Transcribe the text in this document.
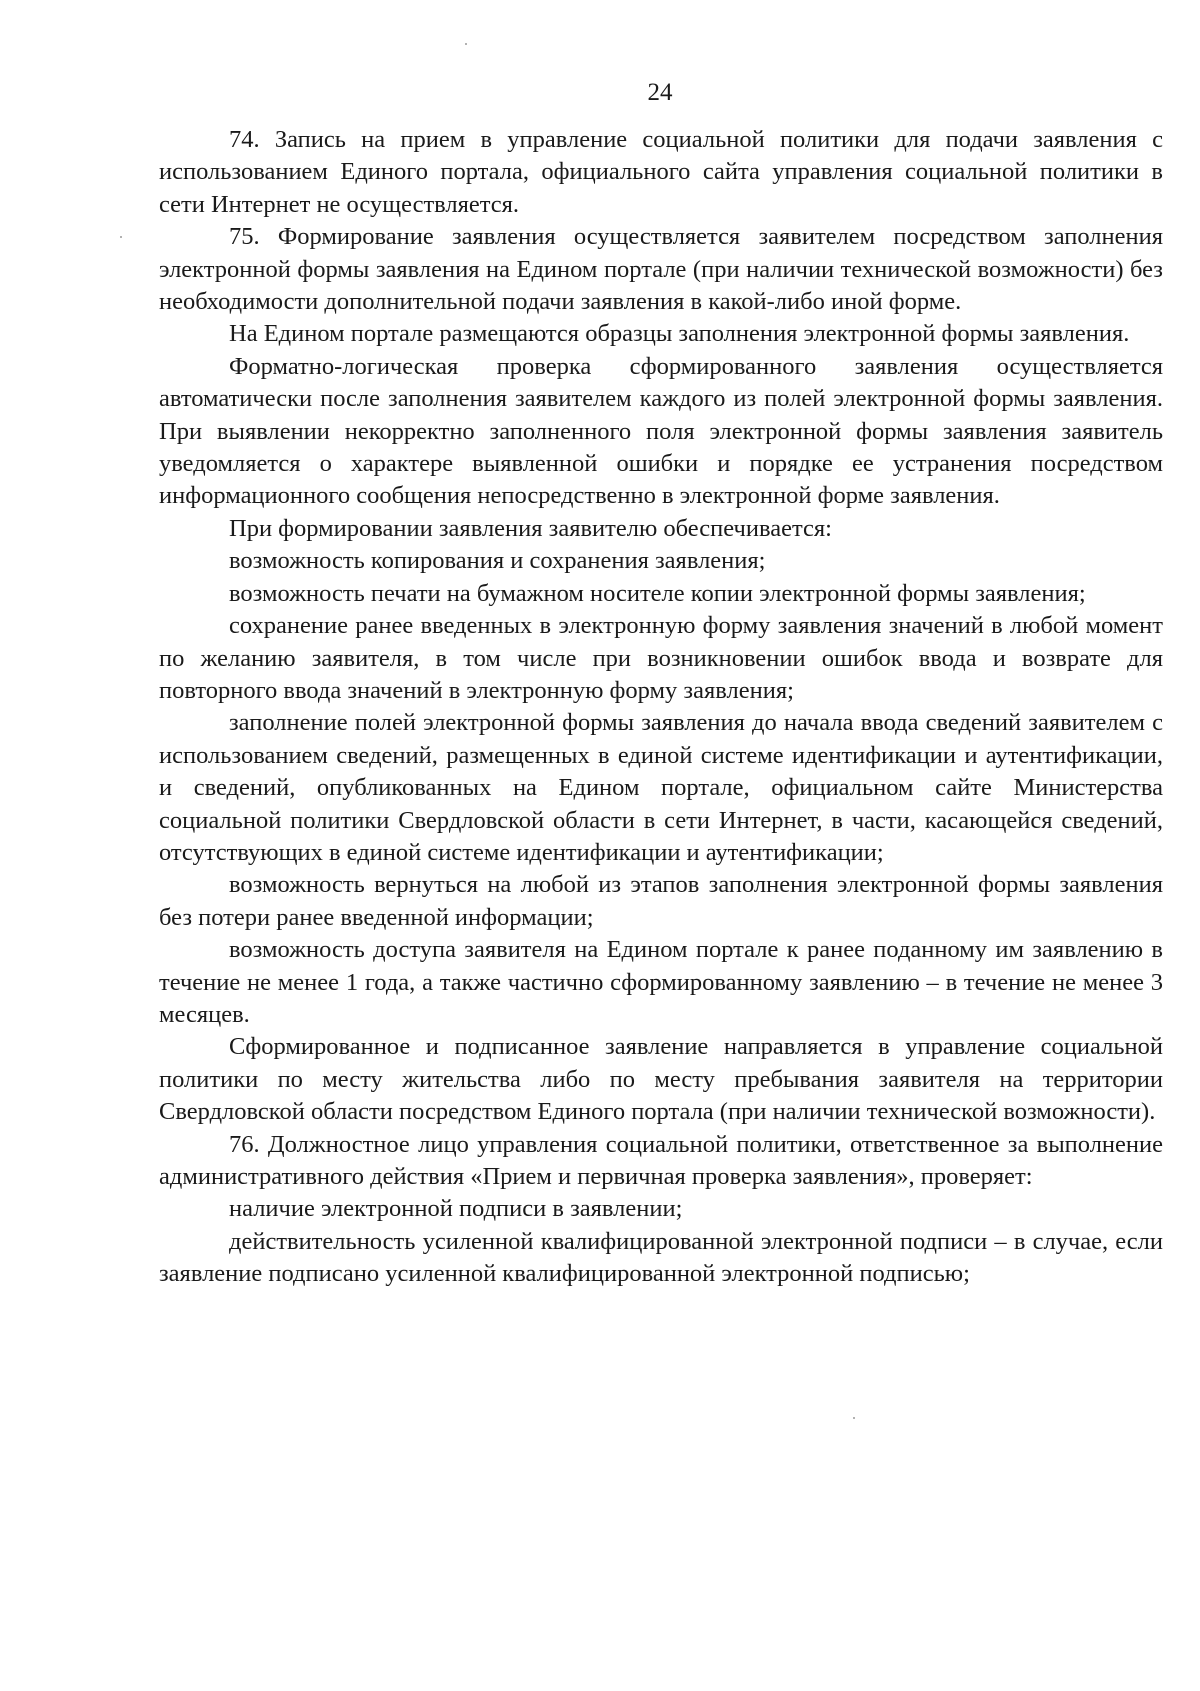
24

74. Запись на прием в управление социальной политики для подачи заявления с использованием Единого портала, официального сайта управления социальной политики в сети Интернет не осуществляется.

75. Формирование заявления осуществляется заявителем посредством заполнения электронной формы заявления на Едином портале (при наличии технической возможности) без необходимости дополнительной подачи заявления в какой-либо иной форме.

На Едином портале размещаются образцы заполнения электронной формы заявления.

Форматно-логическая проверка сформированного заявления осуществляется автоматически после заполнения заявителем каждого из полей электронной формы заявления. При выявлении некорректно заполненного поля электронной формы заявления заявитель уведомляется о характере выявленной ошибки и порядке ее устранения посредством информационного сообщения непосредственно в электронной форме заявления.

При формировании заявления заявителю обеспечивается:

возможность копирования и сохранения заявления;

возможность печати на бумажном носителе копии электронной формы заявления;

сохранение ранее введенных в электронную форму заявления значений в любой момент по желанию заявителя, в том числе при возникновении ошибок ввода и возврате для повторного ввода значений в электронную форму заявления;

заполнение полей электронной формы заявления до начала ввода сведений заявителем с использованием сведений, размещенных в единой системе идентификации и аутентификации, и сведений, опубликованных на Едином портале, официальном сайте Министерства социальной политики Свердловской области в сети Интернет, в части, касающейся сведений, отсутствующих в единой системе идентификации и аутентификации;

возможность вернуться на любой из этапов заполнения электронной формы заявления без потери ранее введенной информации;

возможность доступа заявителя на Едином портале к ранее поданному им заявлению в течение не менее 1 года, а также частично сформированному заявлению – в течение не менее 3 месяцев.

Сформированное и подписанное заявление направляется в управление социальной политики по месту жительства либо по месту пребывания заявителя на территории Свердловской области посредством Единого портала (при наличии технической возможности).

76. Должностное лицо управления социальной политики, ответственное за выполнение административного действия «Прием и первичная проверка заявления», проверяет:

наличие электронной подписи в заявлении;

действительность усиленной квалифицированной электронной подписи – в случае, если заявление подписано усиленной квалифицированной электронной подписью;
